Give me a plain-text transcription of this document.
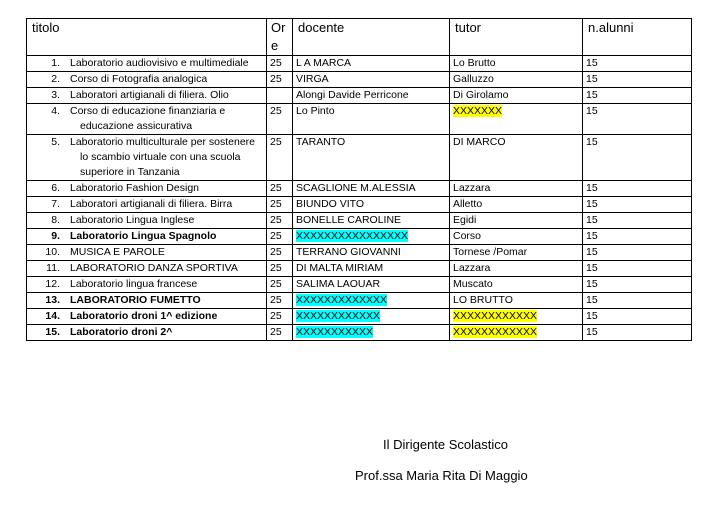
titolo	Ore	docente	tutor	n.alunni

1. Laboratorio audiovisivo e multimediale	25	L A MARCA	Lo Brutto	15

2. Corso di Fotografia analogica	25	VIRGA	Galluzzo	15

3. Laboratori artigianali di filiera. Olio		Alongi Davide Perricone	Di Girolamo	15

4. Corso di educazione finanziaria e educazione assicurativa	25	Lo Pinto	XXXXXXX	15

5. Laboratorio multiculturale per sostenere lo scambio virtuale con una scuola superiore in Tanzania	25	TARANTO	DI MARCO	15

6. Laboratorio Fashion Design	25	SCAGLIONE M.ALESSIA	Lazzara	15

7. Laboratori artigianali di filiera. Birra	25	BIUNDO VITO	Alletto	15

8. Laboratorio Lingua Inglese	25	BONELLE CAROLINE	Egidi	15

9. Laboratorio Lingua Spagnolo	25	XXXXXXXXXXXXXXXX	Corso	15

10. MUSICA E PAROLE	25	TERRANO GIOVANNI	Tornese /Pomar	15

11. LABORATORIO DANZA SPORTIVA	25	DI MALTA MIRIAM	Lazzara	15

12. Laboratorio lingua francese	25	SALIMA LAOUAR	Muscato	15

13. LABORATORIO FUMETTO	25	XXXXXXXXXXXXX	LO BRUTTO	15

14. Laboratorio droni 1^ edizione	25	XXXXXXXXXXXX	XXXXXXXXXXXX	15

15. Laboratorio droni 2^	25	XXXXXXXXXXX	XXXXXXXXXXXX	15
Il Dirigente Scolastico
Prof.ssa Maria Rita Di Maggio
